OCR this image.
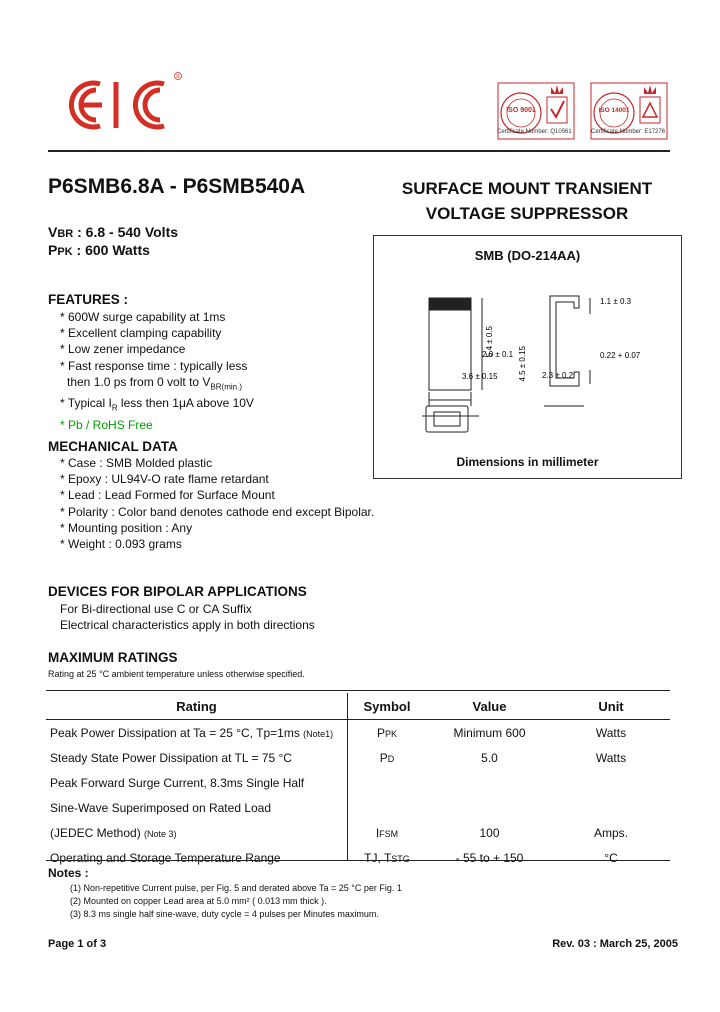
R
ISO 9001	ISO 14001
Certificate Number: Q10561	Certificate Number: E17276
P6SMB6.8A - P6SMB540A	SURFACE MOUNT TRANSIENT
VOLTAGE SUPPRESSOR
VBR : 6.8 - 540 Volts
PPK : 600 Watts	SMB (DO-214AA)
5.4 ± 0.5
4.5 ± 0.15
1.1 ± 0.3
0.22 + 0.07
2.0 ± 0.1
3.6 ± 0.15	2.3 ± 0.2
Dimensions in millimeter
FEATURES :
* 600W surge capability at 1ms
* Excellent clamping capability
* Low zener impedance
* Fast response time : typically less
then 1.0 ps from 0 volt to $V_{BR(min.)}$
* Typical $I_R$ less then 1μA above 10V
* Pb / RoHS Free
MECHANICAL DATA
* Case : SMB Molded plastic
* Epoxy : UL94V-O rate flame retardant
* Lead : Lead Formed for Surface Mount
* Polarity : Color band denotes cathode end except Bipolar.
* Mounting position : Any
* Weight : 0.093 grams
DEVICES FOR BIPOLAR APPLICATIONS
For Bi-directional use C or CA Suffix
Electrical characteristics apply in both directions
MAXIMUM RATINGS
Rating at 25 °C ambient temperature unless otherwise specified.
Rating	Symbol	Value	Unit
Peak Power Dissipation at Ta = 25 °C, Tp=1ms (Note1)	PPK	Minimum 600	Watts
Steady State Power Dissipation at TL = 75 °C	PD	5.0	Watts
Peak Forward Surge Current, 8.3ms Single Half			
Sine-Wave Superimposed on Rated Load			
(JEDEC Method) (Note 3)	IFSM	100	Amps.
Operating and Storage Temperature Range	TJ, TSTG	- 55 to + 150	°C
Notes :
(1) Non-repetitive Current pulse, per Fig. 5 and derated above Ta = 25 °C per Fig. 1
(2) Mounted on copper Lead area at 5.0 mm² ( 0.013 mm thick ).
(3) 8.3 ms single half sine-wave, duty cycle = 4 pulses per Minutes maximum.
Page 1 of 3	Rev. 03 : March 25, 2005
